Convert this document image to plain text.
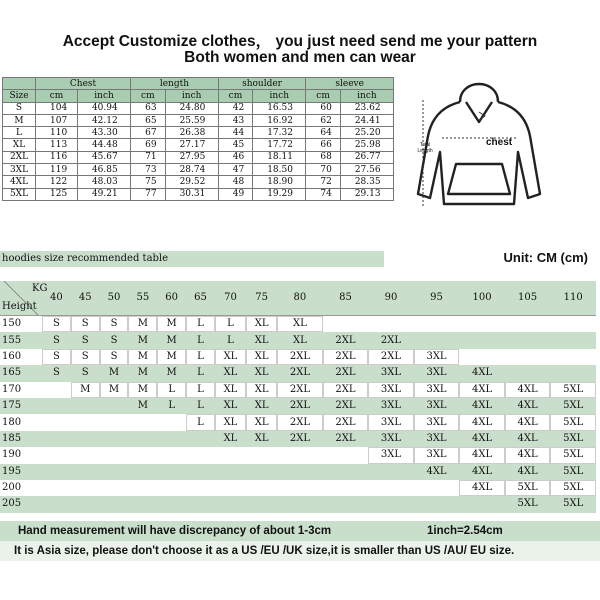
Accept Customize clothes， you just need send me your pattern
Both women and men can wear
	Chest		length		shoulder		sleeve	
Size	cm	inch	cm	inch	cm	inch	cm	inch
S	104	40.94	63	24.80	42	16.53	60	23.62
M	107	42.12	65	25.59	43	16.92	62	24.41
L	110	43.30	67	26.38	44	17.32	64	25.20
XL	113	44.48	69	27.17	45	17.72	66	25.98
2XL	116	45.67	71	27.95	46	18.11	68	26.77
3XL	119	46.85	73	28.74	47	18.50	70	27.56
4XL	122	48.03	75	29.52	48	18.90	72	28.35
5XL	125	49.21	77	30.31	49	19.29	74	29.13
chest
Total Length
hoodies size recommended table	Unit: CM (cm)
KG
Height	40	45	50	55	60	65	70	75	80	85	90	95	100	105	110
150	S	S	S	M	M	L	L	XL	XL						
155	S	S	S	M	M	L	L	XL	XL	2XL	2XL				
160	S	S	S	M	M	L	XL	XL	2XL	2XL	2XL	3XL			
165	S	S	M	M	M	L	XL	XL	2XL	2XL	3XL	3XL	4XL		
170		M	M	M	L	L	XL	XL	2XL	2XL	3XL	3XL	4XL	4XL	5XL
175				M	L	L	XL	XL	2XL	2XL	3XL	3XL	4XL	4XL	5XL
180						L	XL	XL	2XL	2XL	3XL	3XL	4XL	4XL	5XL
185							XL	XL	2XL	2XL	3XL	3XL	4XL	4XL	5XL
190											3XL	3XL	4XL	4XL	5XL
195												4XL	4XL	4XL	5XL
200													4XL	5XL	5XL
205														5XL	5XL
Hand measurement will have discrepancy of about 1-3cm	1inch=2.54cm
It is Asia size, please don't choose it as a US /EU /UK size,it is smaller than US /AU/ EU size.
